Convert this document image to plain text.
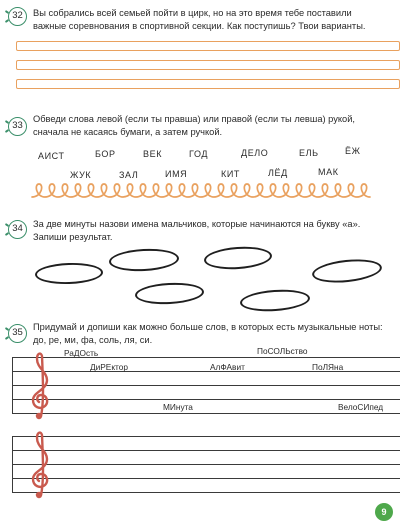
32	Вы собрались всей семьей пойти в цирк, но на это время тебе поставили
важные соревнования в спортивной секции. Как поступишь? Твои варианты.
33
Обведи слова левой (если ты правша) или правой (если ты левша) рукой,
сначала не касаясь бумаги, а затем ручкой.
АИСТ	БОР	ВЕК	ГОД	ДЕЛО	ЕЛЬ	ЁЖ
ЖУК	ЗАЛ	ИМЯ	КИТ	ЛЁД	МАК
34	За две минуты назови имена мальчиков, которые начинаются на букву «а».
Запиши результат.
35	Придумай и допиши как можно больше слов, в которых есть музыкальные ноты:
до, ре, ми, фа, соль, ля, си.
РаДОсть	ПоСОЛЬство
ДиРЕктор	АлФАвит	ПоЛЯна
МИнута	ВелоСИпед
9
